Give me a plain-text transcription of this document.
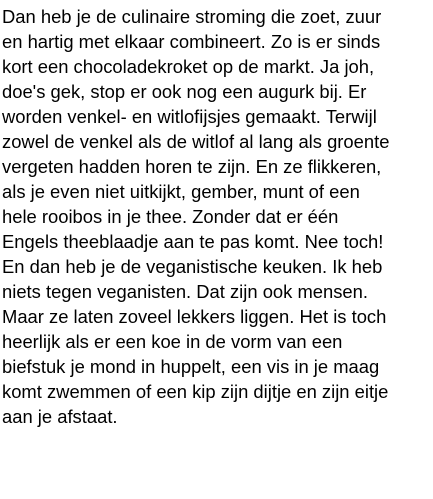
Dan heb je de culinaire stroming die zoet, zuur
en hartig met elkaar combineert. Zo is er sinds
kort een chocoladekroket op de markt. Ja joh,
doe's gek, stop er ook nog een augurk bij. Er
worden venkel- en witlofijsjes gemaakt. Terwijl
zowel de venkel als de witlof al lang als groente
vergeten hadden horen te zijn. En ze flikkeren,
als je even niet uitkijkt, gember, munt of een
hele rooibos in je thee. Zonder dat er één
Engels theeblaadje aan te pas komt. Nee toch!
En dan heb je de veganistische keuken. Ik heb
niets tegen veganisten. Dat zijn ook mensen.
Maar ze laten zoveel lekkers liggen. Het is toch
heerlijk als er een koe in de vorm van een
biefstuk je mond in huppelt, een vis in je maag
komt zwemmen of een kip zijn dijtje en zijn eitje
aan je afstaat.
